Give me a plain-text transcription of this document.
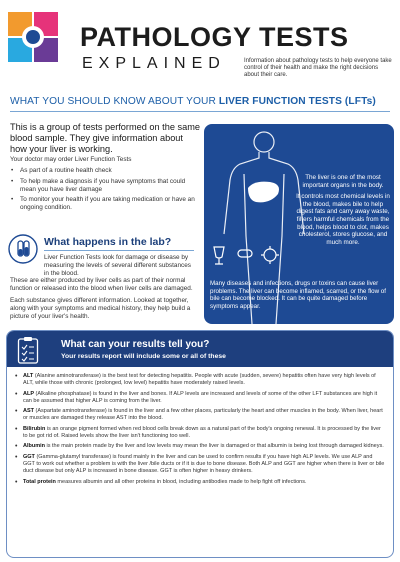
PATHOLOGY TESTS
EXPLAINED	Information about pathology tests to help everyone take control of their health and make the right decisions about their care.
WHAT YOU SHOULD KNOW ABOUT YOUR LIVER FUNCTION TESTS (LFTs)
This is a group of tests performed on the same blood sample. They give information about how your liver is working.
Your doctor may order Liver Function Tests
• As part of a routine health check
• To help make a diagnosis if you have symptoms that could mean you have liver damage
• To monitor your health if you are taking medication or have an ongoing condition.
What happens in the lab?
Liver Function Tests look for damage or disease by measuring the levels of several different substances in the blood.
These are either produced by liver cells as part of their normal function or released into the blood when liver cells are damaged.
Each substance gives different information. Looked at together, along with your symptoms and medical history, they help build a picture of your liver's health.

The liver is one of the most important organs in the body.

It controls most chemical levels in the blood, makes bile to help digest fats and carry away waste, filters harmful chemicals from the blood, helps blood to clot, makes cholesterol, stores glucose, and much more.

Many diseases and infections, drugs or toxins can cause liver problems. The liver can become inflamed, scarred, or the flow of bile can become blocked. It can be quite damaged before symptoms appear.
What can your results tell you?
Your results report will include some or all of these
• ALT (Alanine aminotransferase) is the best test for detecting hepatitis. People with acute (sudden, severe) hepatitis often have very high levels of ALT, while those with chronic (prolonged, low level) hepatitis have moderately raised levels.
• ALP (Alkaline phosphatase) is found in the liver and bones. If ALP levels are increased and levels of some of the other LFT substances are high it can be assumed that higher ALP is coming from the liver.
• AST (Aspartate aminotransferase) is found in the liver and a few other places, particularly the heart and other muscles in the body. When liver, heart or muscles are damaged they release AST into the blood.
• Bilirubin is an orange pigment formed when red blood cells break down as a natural part of the body's ongoing renewal. It is processed by the liver to be got rid of. Raised levels show the liver isn't functioning too well.
• Albumin is the main protein made by the liver and low levels may mean the liver is damaged or that albumin is being lost through damaged kidneys.
• GGT (Gamma-glutamyl transferase) is found mainly in the liver and can be used to confirm results if you have high ALP levels. We use ALP and GGT to work out whether a problem is with the liver /bile ducts or if it is due to bone disease. Both ALP and GGT are higher when there is liver or bile duct disease but only ALP is increased in bone disease. GGT is often higher in heavy drinkers.
• Total protein measures albumin and all other proteins in blood, including antibodies made to help fight off infections.
